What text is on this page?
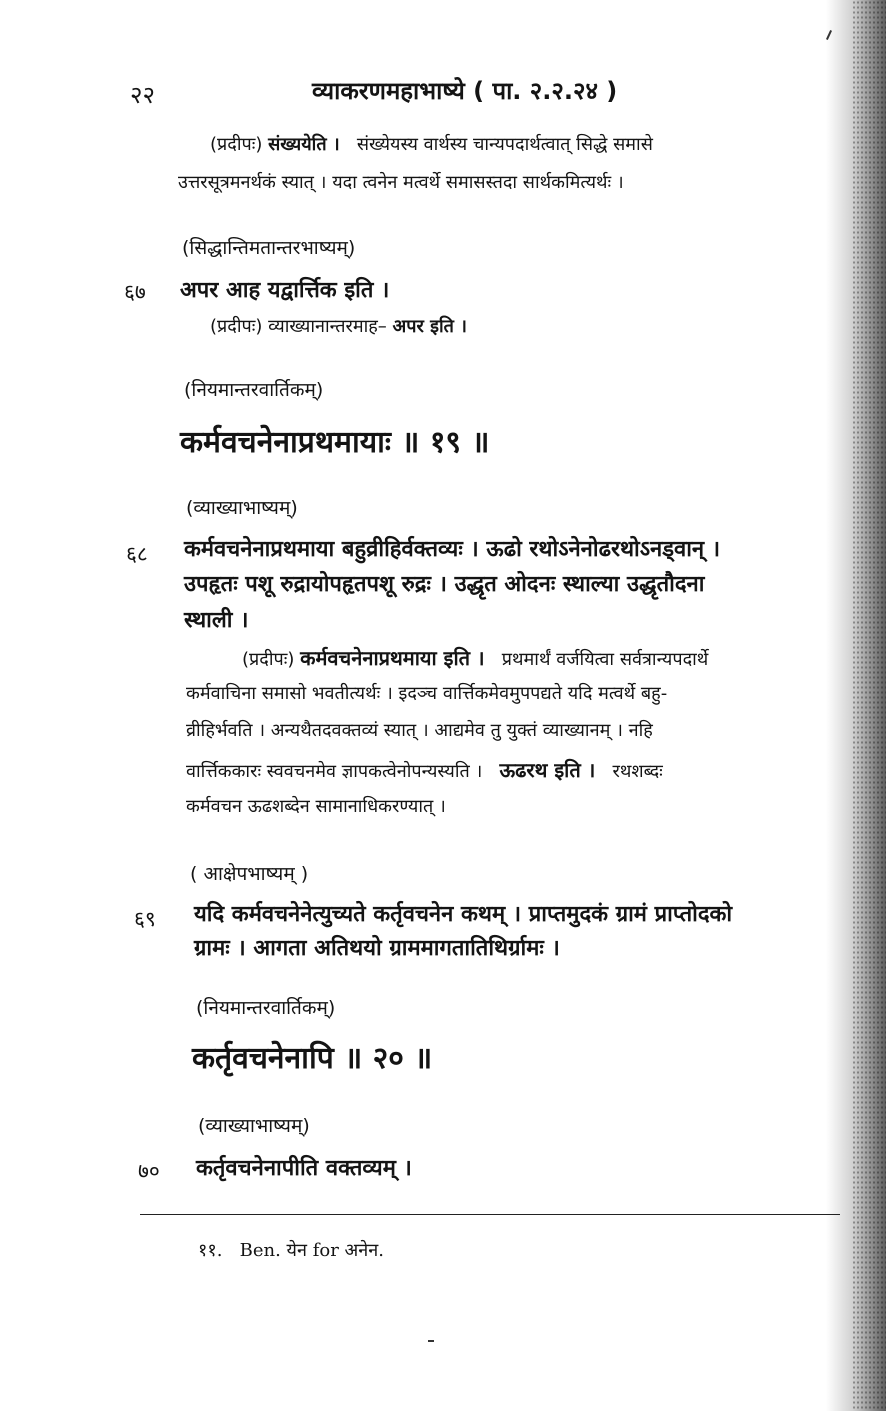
२२	व्याकरणमहाभाष्ये ( पा. २.२.२४ )
(प्रदीपः) संख्ययेति । संख्येयस्य वार्थस्य चान्यपदार्थत्वात् सिद्धे समासे
उत्तरसूत्रमनर्थकं स्यात् । यदा त्वनेन मत्वर्थे समासस्तदा सार्थकमित्यर्थः ।
(सिद्धान्तिमतान्तरभाष्यम्)
६७ अपर आह यद्वार्त्तिक इति ।
(प्रदीपः) व्याख्यानान्तरमाह– अपर इति ।
(नियमान्तरवार्तिकम्)
कर्मवचनेनाप्रथमायाः ॥ १९ ॥
(व्याख्याभाष्यम्)
६८ कर्मवचनेनाप्रथमाया बहुव्रीहिर्वक्तव्यः । ऊढो रथोऽनेनोढरथोऽनड्वान् ।
उपहृतः पशू रुद्रायोपहृतपशू रुद्रः । उद्धृत ओदनः स्थाल्या उद्धृतौदना
स्थाली ।
(प्रदीपः) कर्मवचनेनाप्रथमाया इति । प्रथमार्थं वर्जयित्वा सर्वत्रान्यपदार्थे
कर्मवाचिना समासो भवतीत्यर्थः । इदञ्च वार्त्तिकमेवमुपपद्यते यदि मत्वर्थे बहु-
व्रीहिर्भवति । अन्यथैतदवक्तव्यं स्यात् । आद्यमेव तु युक्तं व्याख्यानम् । नहि
वार्त्तिककारः स्ववचनमेव ज्ञापकत्वेनोपन्यस्यति । ऊढरथ इति । रथशब्दः
कर्मवचन ऊढशब्देन सामानाधिकरण्यात् ।
( आक्षेपभाष्यम् )
६९ यदि कर्मवचनेनेत्युच्यते कर्तृवचनेन कथम् । प्राप्तमुदकं ग्रामं प्राप्तोदको
ग्रामः । आगता अतिथयो ग्राममागतातिथिर्ग्रामः ।
(नियमान्तरवार्तिकम्)
कर्तृवचनेनापि ॥ २० ॥
(व्याख्याभाष्यम्)
७० कर्तृवचनेनापीति वक्तव्यम् ।
११. Ben. येन for अनेन.
